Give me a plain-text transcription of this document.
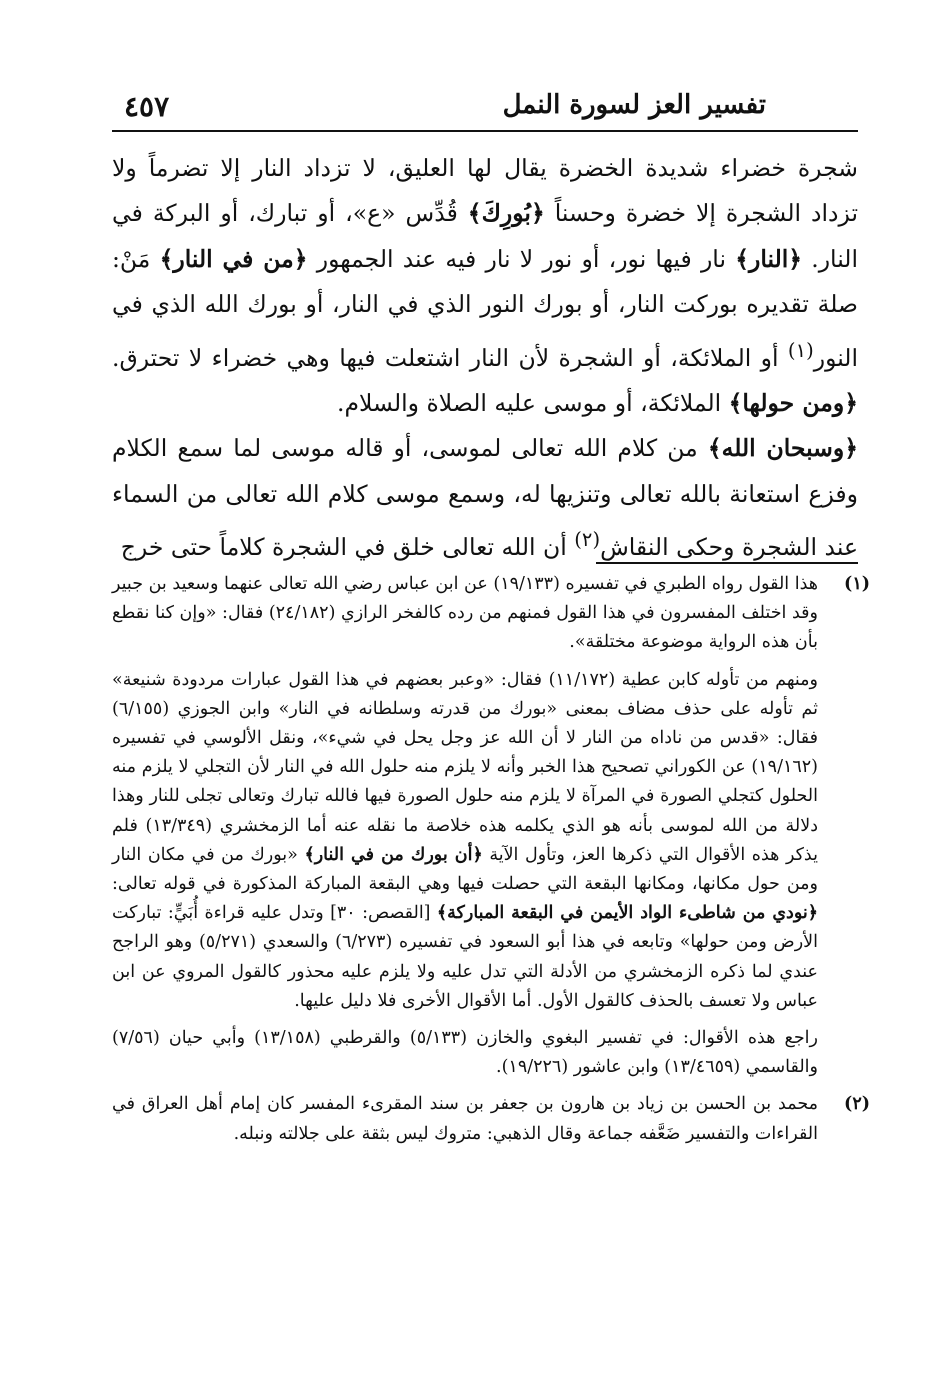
تفسير العز لسورة النمل
٤٥٧

شجرة خضراء شديدة الخضرة يقال لها العليق، لا تزداد النار إلا تضرماً ولا تزداد الشجرة إلا خضرة وحسناً ﴿بُورِكَ﴾ قُدِّس «ع»، أو تبارك، أو البركة في النار. ﴿النار﴾ نار فيها نور، أو نور لا نار فيه عند الجمهور ﴿من في النار﴾ مَنْ: صلة تقديره بوركت النار، أو بورك النور الذي في النار، أو بورك الله الذي في النور$^{(١)}$ أو الملائكة، أو الشجرة لأن النار اشتعلت فيها وهي خضراء لا تحترق. ﴿ومن حولها﴾ الملائكة، أو موسى عليه الصلاة والسلام.

﴿وسبحان الله﴾ من كلام الله تعالى لموسى، أو قاله موسى لما سمع الكلام وفزع استعانة بالله تعالى وتنزيها له، وسمع موسى كلام الله تعالى من السماء عند الشجرة وحكى النقاش$^{(٢)}$ أن الله تعالى خلق في الشجرة كلاماً حتى خرج

(١)

هذا القول رواه الطبري في تفسيره (١٩/١٣٣) عن ابن عباس رضي الله تعالى عنهما وسعيد بن جبير وقد اختلف المفسرون في هذا القول فمنهم من رده كالفخر الرازي (٢٤/١٨٢) فقال: «وإن كنا نقطع بأن هذه الرواية موضوعة مختلقة».

ومنهم من تأوله كابن عطية (١١/١٧٢) فقال: «وعبر بعضهم في هذا القول عبارات مردودة شنيعة» ثم تأوله على حذف مضاف بمعنى «بورك من قدرته وسلطانه في النار» وابن الجوزي (٦/١٥٥) فقال: «قدس من ناداه من النار لا أن الله عز وجل يحل في شيء»، ونقل الألوسي في تفسيره (١٩/١٦٢) عن الكوراني تصحيح هذا الخبر وأنه لا يلزم منه حلول الله في النار لأن التجلي لا يلزم منه الحلول كتجلي الصورة في المرآة لا يلزم منه حلول الصورة فيها فالله تبارك وتعالى تجلى للنار وهذا دلالة من الله لموسى بأنه هو الذي يكلمه هذه خلاصة ما نقله عنه أما الزمخشري (١٣/٣٤٩) فلم يذكر هذه الأقوال التي ذكرها العز، وتأول الآية ﴿أن بورك من في النار﴾ «بورك من في مكان النار ومن حول مكانها، ومكانها البقعة التي حصلت فيها وهي البقعة المباركة المذكورة في قوله تعالى: ﴿نودي من شاطىء الواد الأيمن في البقعة المباركة﴾ [القصص: ٣٠] وتدل عليه قراءة أُبَيٍّ: تباركت الأرض ومن حولها» وتابعه في هذا أبو السعود في تفسيره (٦/٢٧٣) والسعدي (٥/٢٧١) وهو الراجح عندي لما ذكره الزمخشري من الأدلة التي تدل عليه ولا يلزم عليه محذور كالقول المروي عن ابن عباس ولا تعسف بالحذف كالقول الأول. أما الأقوال الأخرى فلا دليل عليها.

راجع هذه الأقوال: في تفسير البغوي والخازن (٥/١٣٣) والقرطبي (١٣/١٥٨) وأبي حيان (٧/٥٦) والقاسمي (١٣/٤٦٥٩) وابن عاشور (١٩/٢٢٦).

(٢)

محمد بن الحسن بن زياد بن هارون بن جعفر بن سند المقرىء المفسر كان إمام أهل العراق في القراءات والتفسير ضَعَّفه جماعة وقال الذهبي: متروك ليس بثقة على جلالته ونبله.
